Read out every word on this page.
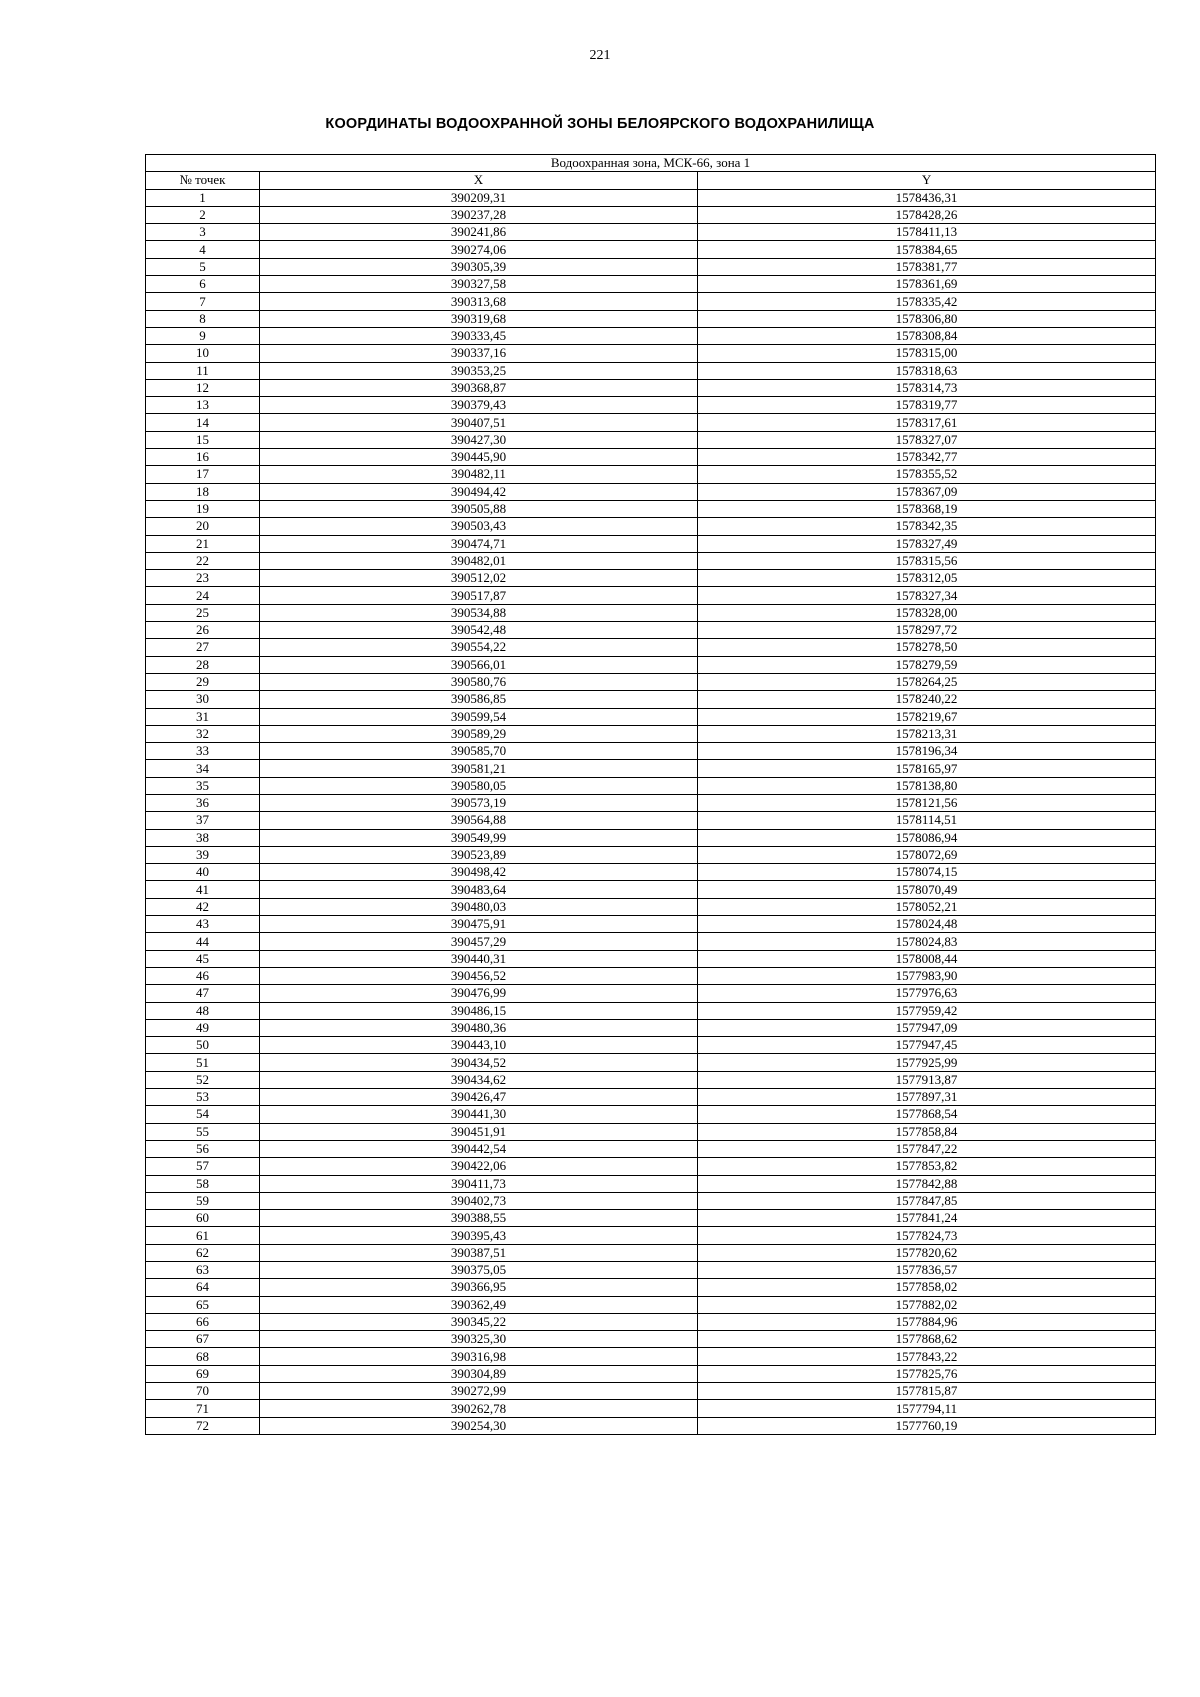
221
КООРДИНАТЫ ВОДООХРАННОЙ ЗОНЫ БЕЛОЯРСКОГО ВОДОХРАНИЛИЩА
Водоохранная зона, МСК-66, зона 1		
№ точек	X	Y
1	390209,31	1578436,31
2	390237,28	1578428,26
3	390241,86	1578411,13
4	390274,06	1578384,65
5	390305,39	1578381,77
6	390327,58	1578361,69
7	390313,68	1578335,42
8	390319,68	1578306,80
9	390333,45	1578308,84
10	390337,16	1578315,00
11	390353,25	1578318,63
12	390368,87	1578314,73
13	390379,43	1578319,77
14	390407,51	1578317,61
15	390427,30	1578327,07
16	390445,90	1578342,77
17	390482,11	1578355,52
18	390494,42	1578367,09
19	390505,88	1578368,19
20	390503,43	1578342,35
21	390474,71	1578327,49
22	390482,01	1578315,56
23	390512,02	1578312,05
24	390517,87	1578327,34
25	390534,88	1578328,00
26	390542,48	1578297,72
27	390554,22	1578278,50
28	390566,01	1578279,59
29	390580,76	1578264,25
30	390586,85	1578240,22
31	390599,54	1578219,67
32	390589,29	1578213,31
33	390585,70	1578196,34
34	390581,21	1578165,97
35	390580,05	1578138,80
36	390573,19	1578121,56
37	390564,88	1578114,51
38	390549,99	1578086,94
39	390523,89	1578072,69
40	390498,42	1578074,15
41	390483,64	1578070,49
42	390480,03	1578052,21
43	390475,91	1578024,48
44	390457,29	1578024,83
45	390440,31	1578008,44
46	390456,52	1577983,90
47	390476,99	1577976,63
48	390486,15	1577959,42
49	390480,36	1577947,09
50	390443,10	1577947,45
51	390434,52	1577925,99
52	390434,62	1577913,87
53	390426,47	1577897,31
54	390441,30	1577868,54
55	390451,91	1577858,84
56	390442,54	1577847,22
57	390422,06	1577853,82
58	390411,73	1577842,88
59	390402,73	1577847,85
60	390388,55	1577841,24
61	390395,43	1577824,73
62	390387,51	1577820,62
63	390375,05	1577836,57
64	390366,95	1577858,02
65	390362,49	1577882,02
66	390345,22	1577884,96
67	390325,30	1577868,62
68	390316,98	1577843,22
69	390304,89	1577825,76
70	390272,99	1577815,87
71	390262,78	1577794,11
72	390254,30	1577760,19
